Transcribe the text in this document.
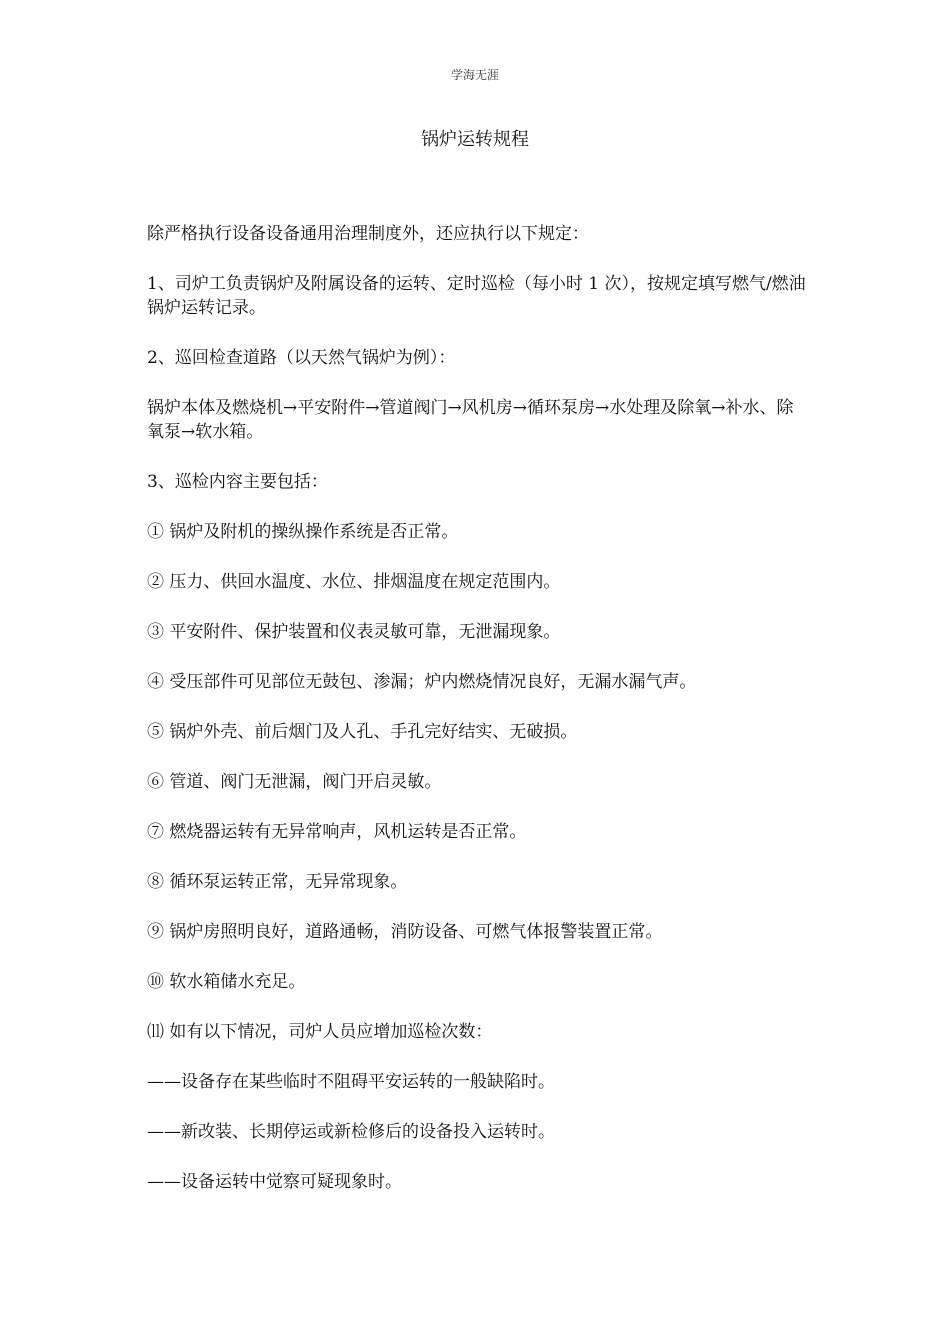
学海无涯
锅炉运转规程

除严格执行设备设备通用治理制度外，还应执行以下规定：

1、司炉工负责锅炉及附属设备的运转、定时巡检（每小时 1 次），按规定填写燃气/燃油锅炉运转记录。

2、巡回检查道路（以天然气锅炉为例）：

锅炉本体及燃烧机→平安附件→管道阀门→风机房→循环泵房→水处理及除氧→补水、除氧泵→软水箱。

3、巡检内容主要包括：

① 锅炉及附机的操纵操作系统是否正常。
② 压力、供回水温度、水位、排烟温度在规定范围内。
③ 平安附件、保护装置和仪表灵敏可靠，无泄漏现象。
④ 受压部件可见部位无鼓包、渗漏；炉内燃烧情况良好，无漏水漏气声。
⑤ 锅炉外壳、前后烟门及人孔、手孔完好结实、无破损。
⑥ 管道、阀门无泄漏，阀门开启灵敏。
⑦ 燃烧器运转有无异常响声，风机运转是否正常。
⑧ 循环泵运转正常，无异常现象。
⑨ 锅炉房照明良好，道路通畅，消防设备、可燃气体报警装置正常。
⑩ 软水箱储水充足。
⑾ 如有以下情况，司炉人员应增加巡检次数：
——设备存在某些临时不阻碍平安运转的一般缺陷时。
——新改装、长期停运或新检修后的设备投入运转时。
——设备运转中觉察可疑现象时。
